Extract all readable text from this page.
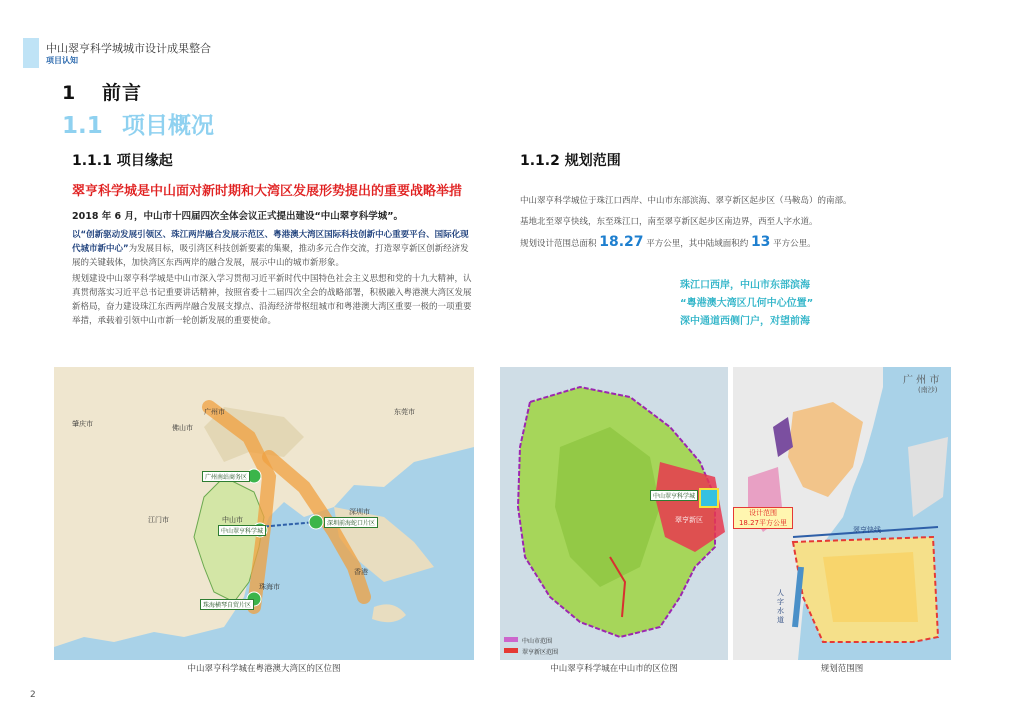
中山翠亨科学城城市设计成果整合
项目认知
1 前言
1.1 项目概况
1.1.1 项目缘起
翠亨科学城是中山面对新时期和大湾区发展形势提出的重要战略举措
2018 年 6 月，中山市十四届四次全体会议正式提出建设“中山翠亨科学城”。
以“创新驱动发展引领区、珠江两岸融合发展示范区、粤港澳大湾区国际科技创新中心重要平台、国际化现代城市新中心”为发展目标，吸引湾区科技创新要素的集聚，推动多元合作交流，打造翠亨新区创新经济发展的关键载体，加快湾区东西两岸的融合发展，展示中山的城市新形象。
规划建设中山翠亨科学城是中山市深入学习贯彻习近平新时代中国特色社会主义思想和党的十九大精神，认真贯彻落实习近平总书记重要讲话精神，按照省委十二届四次全会的战略部署，积极融入粤港澳大湾区发展新格局，奋力建设珠江东西两岸融合发展支撑点、沿海经济带枢纽城市和粤港澳大湾区重要一极的一项重要举措，承载着引领中山市新一轮创新发展的重要使命。
1.1.2 规划范围
中山翠亨科学城位于珠江口西岸、中山市东部滨海、翠亨新区起步区（马鞍岛）的南部。
基地北至翠亨快线，东至珠江口，南至翠亨新区起步区南边界，西至人字水道。
规划设计范围总面积 18.27 平方公里，其中陆域面积约 13 平方公里。
珠江口西岸，中山市东部滨海
“粤港澳大湾区几何中心位置”
深中通道西侧门户，对望前海
广州市	东莞市
佛山市
肇庆市
江门市	中山市
珠海市
深圳市
香港
广州南站商务区
中山翠亨科学城
深圳前海蛇口片区
珠海横琴自贸片区
中山翠亨科学城在粤港澳大湾区的区位图
中山翠亨科学城
翠亨新区
中山市范围
翠亨新区范围
中山翠亨科学城在中山市的区位图
广 州 市
(南沙)
设计范围
18.27平方公里
翠亨快线
人字水道
规划范围图
2
